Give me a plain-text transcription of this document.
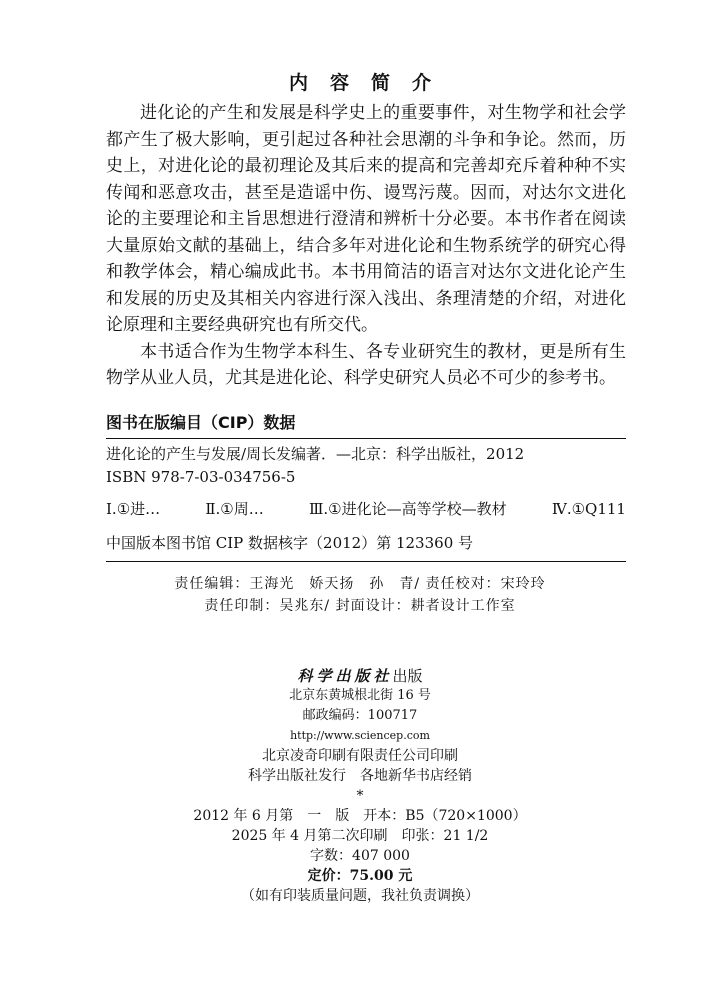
内容简介

进化论的产生和发展是科学史上的重要事件，对生物学和社会学都产生了极大影响，更引起过各种社会思潮的斗争和争论。然而，历史上，对进化论的最初理论及其后来的提高和完善却充斥着种种不实传闻和恶意攻击，甚至是造谣中伤、谩骂污蔑。因而，对达尔文进化论的主要理论和主旨思想进行澄清和辨析十分必要。本书作者在阅读大量原始文献的基础上，结合多年对进化论和生物系统学的研究心得和教学体会，精心编成此书。本书用简洁的语言对达尔文进化论产生和发展的历史及其相关内容进行深入浅出、条理清楚的介绍，对进化论原理和主要经典研究也有所交代。

本书适合作为生物学本科生、各专业研究生的教材，更是所有生物学从业人员，尤其是进化论、科学史研究人员必不可少的参考书。

图书在版编目（CIP）数据
进化论的产生与发展/周长发编著．—北京：科学出版社，2012
ISBN 978-7-03-034756-5
Ⅰ.①进…	Ⅱ.①周…	Ⅲ.①进化论—高等学校—教材	Ⅳ.①Q111
中国版本图书馆 CIP 数据核字（2012）第 123360 号
责任编辑：王海光　娇天扬　孙　青/ 责任校对：宋玲玲
责任印制：吴兆东/ 封面设计：耕者设计工作室
科学出版社出版
北京东黄城根北街 16 号
邮政编码：100717
http://www.sciencep.com
北京凌奇印刷有限责任公司印刷
科学出版社发行　各地新华书店经销
*
2012 年 6 月第　一　版　开本：B5（720×1000）
2025 年 4 月第二次印刷　印张：21 1/2
字数：407 000
定价：75.00 元
（如有印装质量问题，我社负责调换）
